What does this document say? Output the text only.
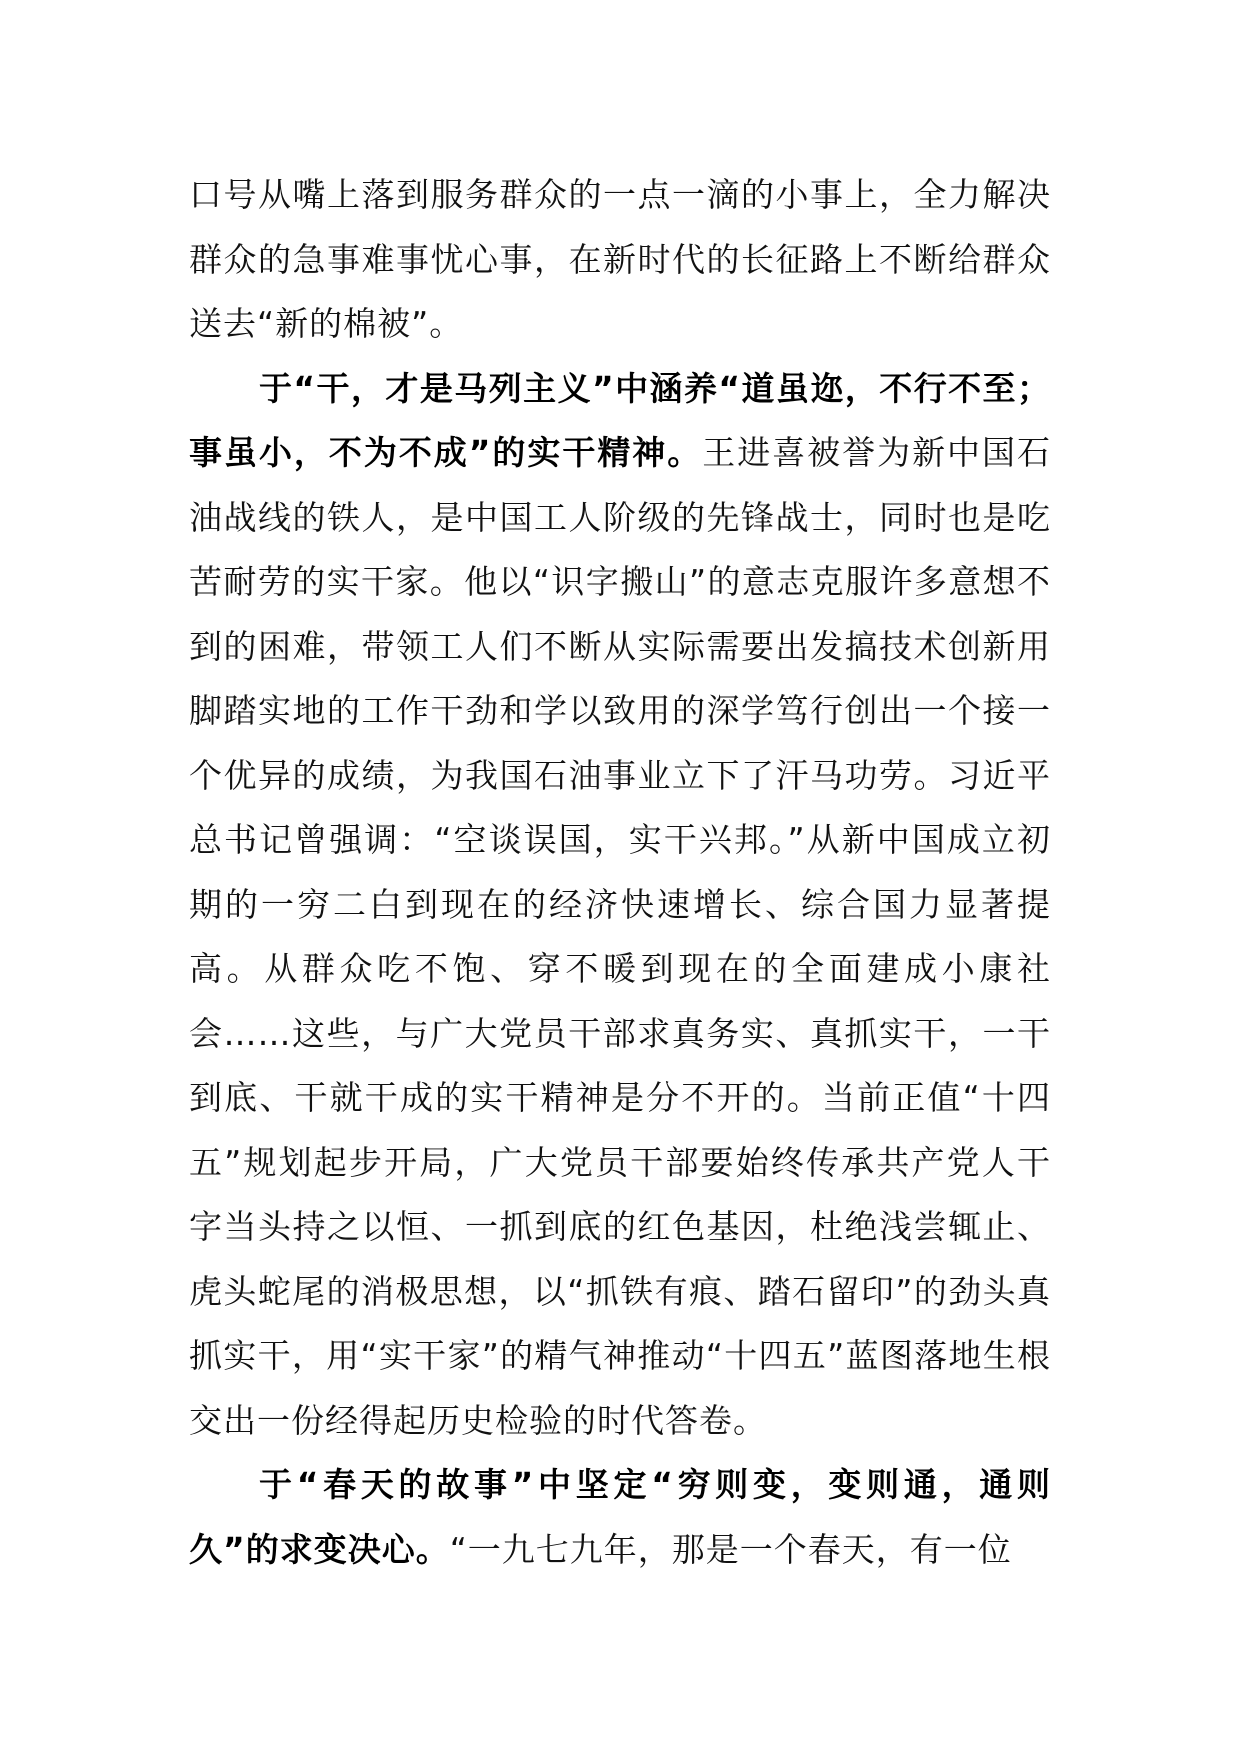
口号从嘴上落到服务群众的一点一滴的小事上，全力解决群众的急事难事忧心事，在新时代的长征路上不断给群众送去“新的棉被”。

于“干，才是马列主义”中涵养“道虽迩，不行不至；事虽小，不为不成”的实干精神。王进喜被誉为新中国石油战线的铁人，是中国工人阶级的先锋战士，同时也是吃苦耐劳的实干家。他以“识字搬山”的意志克服许多意想不到的困难，带领工人们不断从实际需要出发搞技术创新用脚踏实地的工作干劲和学以致用的深学笃行创出一个接一个优异的成绩，为我国石油事业立下了汗马功劳。习近平总书记曾强调：“空谈误国，实干兴邦。”从新中国成立初期的一穷二白到现在的经济快速增长、综合国力显著提高。从群众吃不饱、穿不暖到现在的全面建成小康社会……这些，与广大党员干部求真务实、真抓实干，一干到底、干就干成的实干精神是分不开的。当前正值“十四五”规划起步开局，广大党员干部要始终传承共产党人干字当头持之以恒、一抓到底的红色基因，杜绝浅尝辄止、虎头蛇尾的消极思想，以“抓铁有痕、踏石留印”的劲头真抓实干，用“实干家”的精气神推动“十四五”蓝图落地生根交出一份经得起历史检验的时代答卷。

于“春天的故事”中坚定“穷则变，变则通，通则久”的求变决心。“一九七九年，那是一个春天，有一位
